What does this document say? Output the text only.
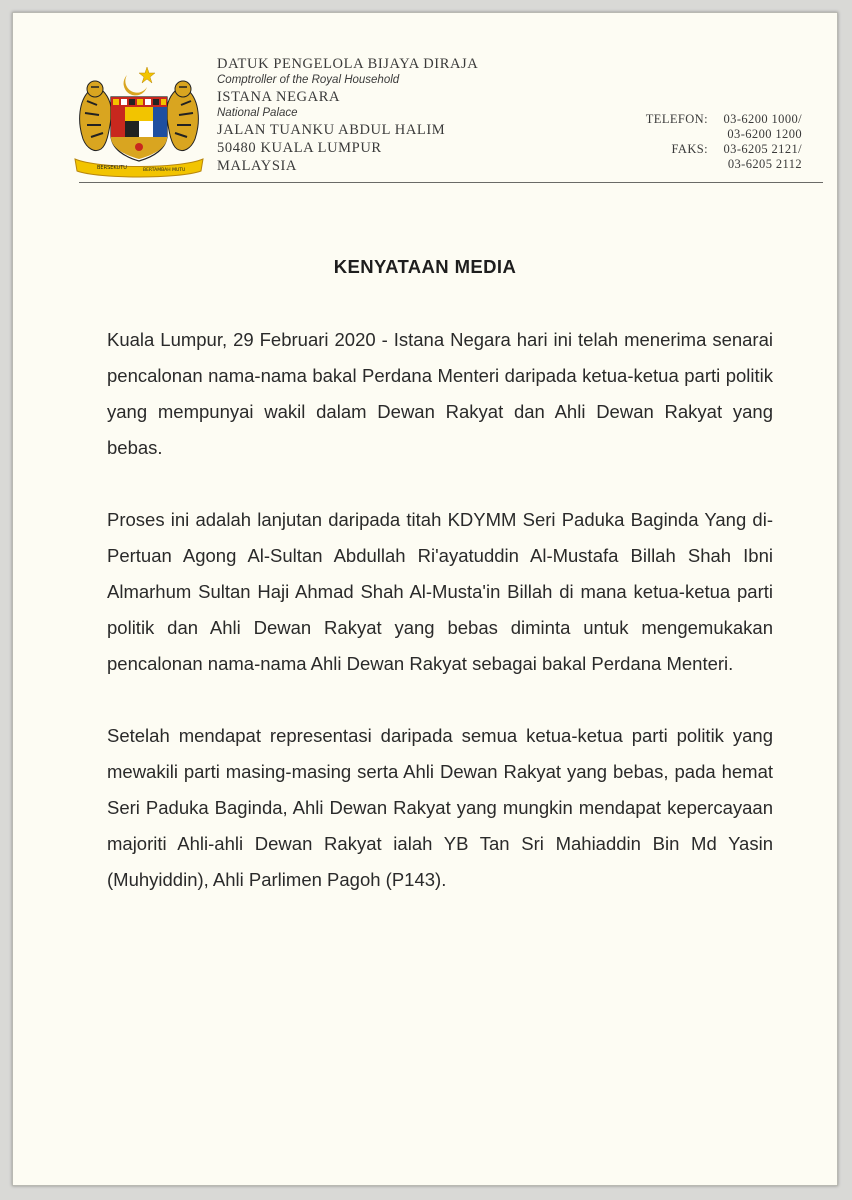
BERSEKUTU	BERTAMBAH MUTU
DATUK PENGELOLA BIJAYA DIRAJA
Comptroller of the Royal Household
ISTANA NEGARA
National Palace
JALAN TUANKU ABDUL HALIM
50480 KUALA LUMPUR
MALAYSIA
TELEFON:	03-6200 1000/
03-6200 1200
FAKS:	03-6205 2121/
03-6205 2112
KENYATAAN MEDIA

Kuala Lumpur, 29 Februari 2020 - Istana Negara hari ini telah menerima senarai pencalonan nama-nama bakal Perdana Menteri daripada ketua-ketua parti politik yang mempunyai wakil dalam Dewan Rakyat dan Ahli Dewan Rakyat yang bebas.

Proses ini adalah lanjutan daripada titah KDYMM Seri Paduka Baginda Yang di-Pertuan Agong Al-Sultan Abdullah Ri'ayatuddin Al-Mustafa Billah Shah Ibni Almarhum Sultan Haji Ahmad Shah Al-Musta'in Billah di mana ketua-ketua parti politik dan Ahli Dewan Rakyat yang bebas diminta untuk mengemukakan pencalonan nama-nama Ahli Dewan Rakyat sebagai bakal Perdana Menteri.

Setelah mendapat representasi daripada semua ketua-ketua parti politik yang mewakili parti masing-masing serta Ahli Dewan Rakyat yang bebas, pada hemat Seri Paduka Baginda, Ahli Dewan Rakyat yang mungkin mendapat kepercayaan majoriti Ahli-ahli Dewan Rakyat ialah YB Tan Sri Mahiaddin Bin Md Yasin (Muhyiddin), Ahli Parlimen Pagoh (P143).
